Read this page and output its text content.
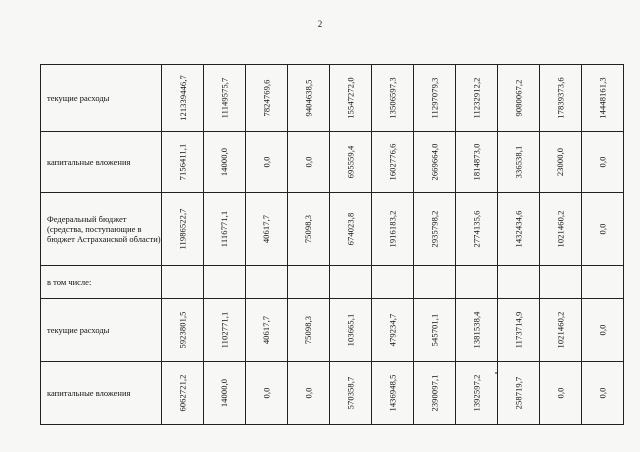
2
текущие расходы	121339446,7	11149575,7	7824769,6	9404638,5	15547272,0	13506597,3	11297079,3	11232912,2	9080067,2	17839373,6	14448161,3

капитальные вложения	7156411,1	14000,0	0,0	0,0	695559,4	1602776,6	2669664,0	1814873,0	336538,1	23000,0	0,0

Федеральный бюджет (средства, поступающие в бюджет Астраханской области)	11986522,7	1116771,1	40617,7	75098,3	674023,8	1916183,2	2935798,2	2774135,6	1432434,6	1021460,2	0,0

в том числе:	

текущие расходы	5923801,5	1102771,1	40617,7	75098,3	103665,1	479234,7	545701,1	1381538,4	1173714,9	1021460,2	0,0

капитальные вложения	6062721,2	14000,0	0,0	0,0	570358,7	1436948,5	2390097,1	1392597,2	258719,7	0,0	0,0
